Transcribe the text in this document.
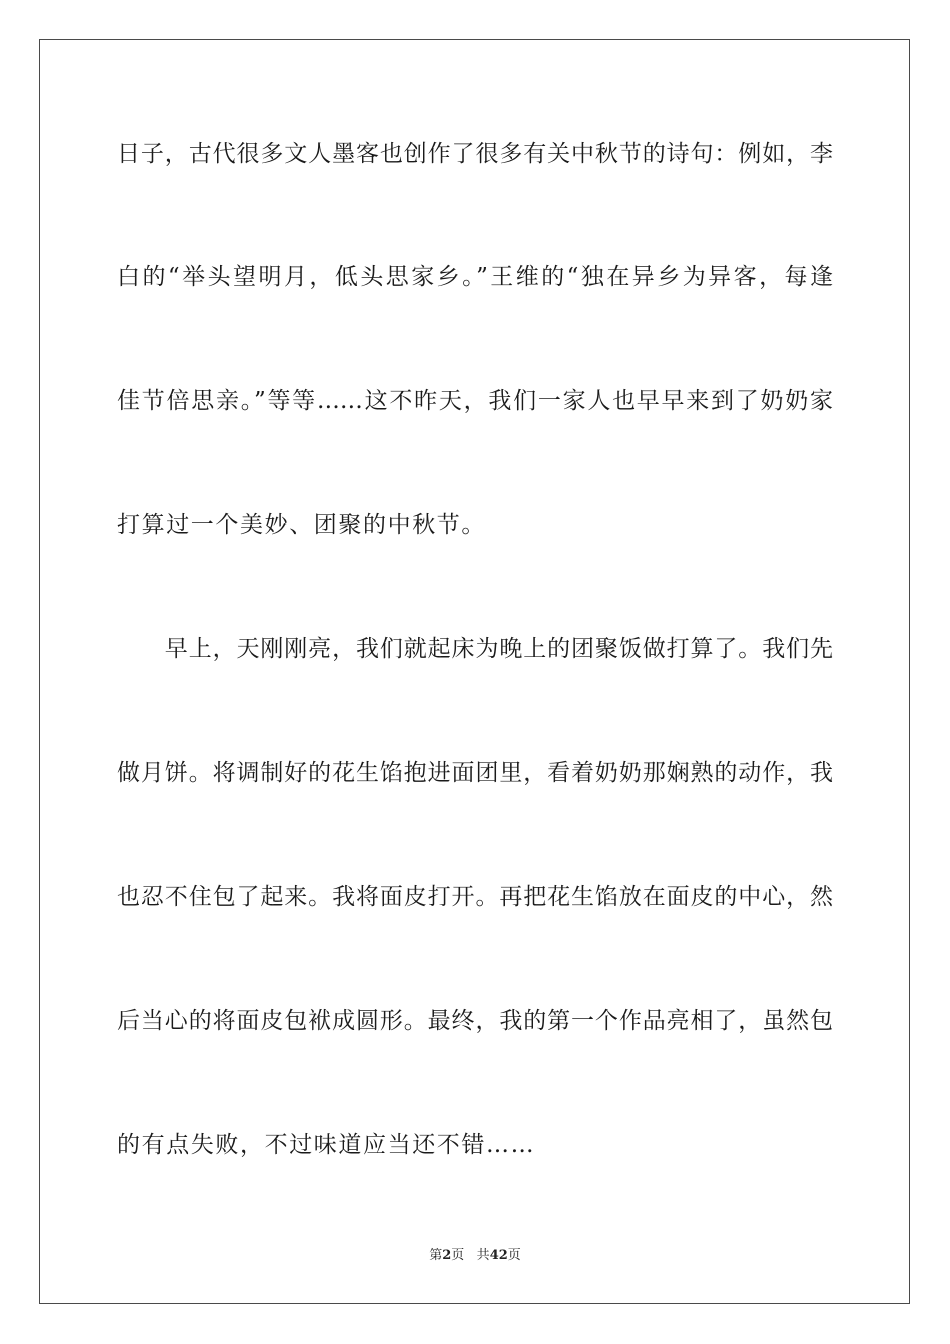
日子，古代很多文人墨客也创作了很多有关中秋节的诗句：例如，李
白的“举头望明月，低头思家乡。”王维的“独在异乡为异客，每逢
佳节倍思亲。”等等……这不昨天，我们一家人也早早来到了奶奶家
打算过一个美妙、团聚的中秋节。
　　早上，天刚刚亮，我们就起床为晚上的团聚饭做打算了。我们先
做月饼。将调制好的花生馅抱进面团里，看着奶奶那娴熟的动作，我
也忍不住包了起来。我将面皮打开。再把花生馅放在面皮的中心，然
后当心的将面皮包袱成圆形。最终，我的第一个作品亮相了，虽然包
的有点失败，不过味道应当还不错……
第2页 共42页
